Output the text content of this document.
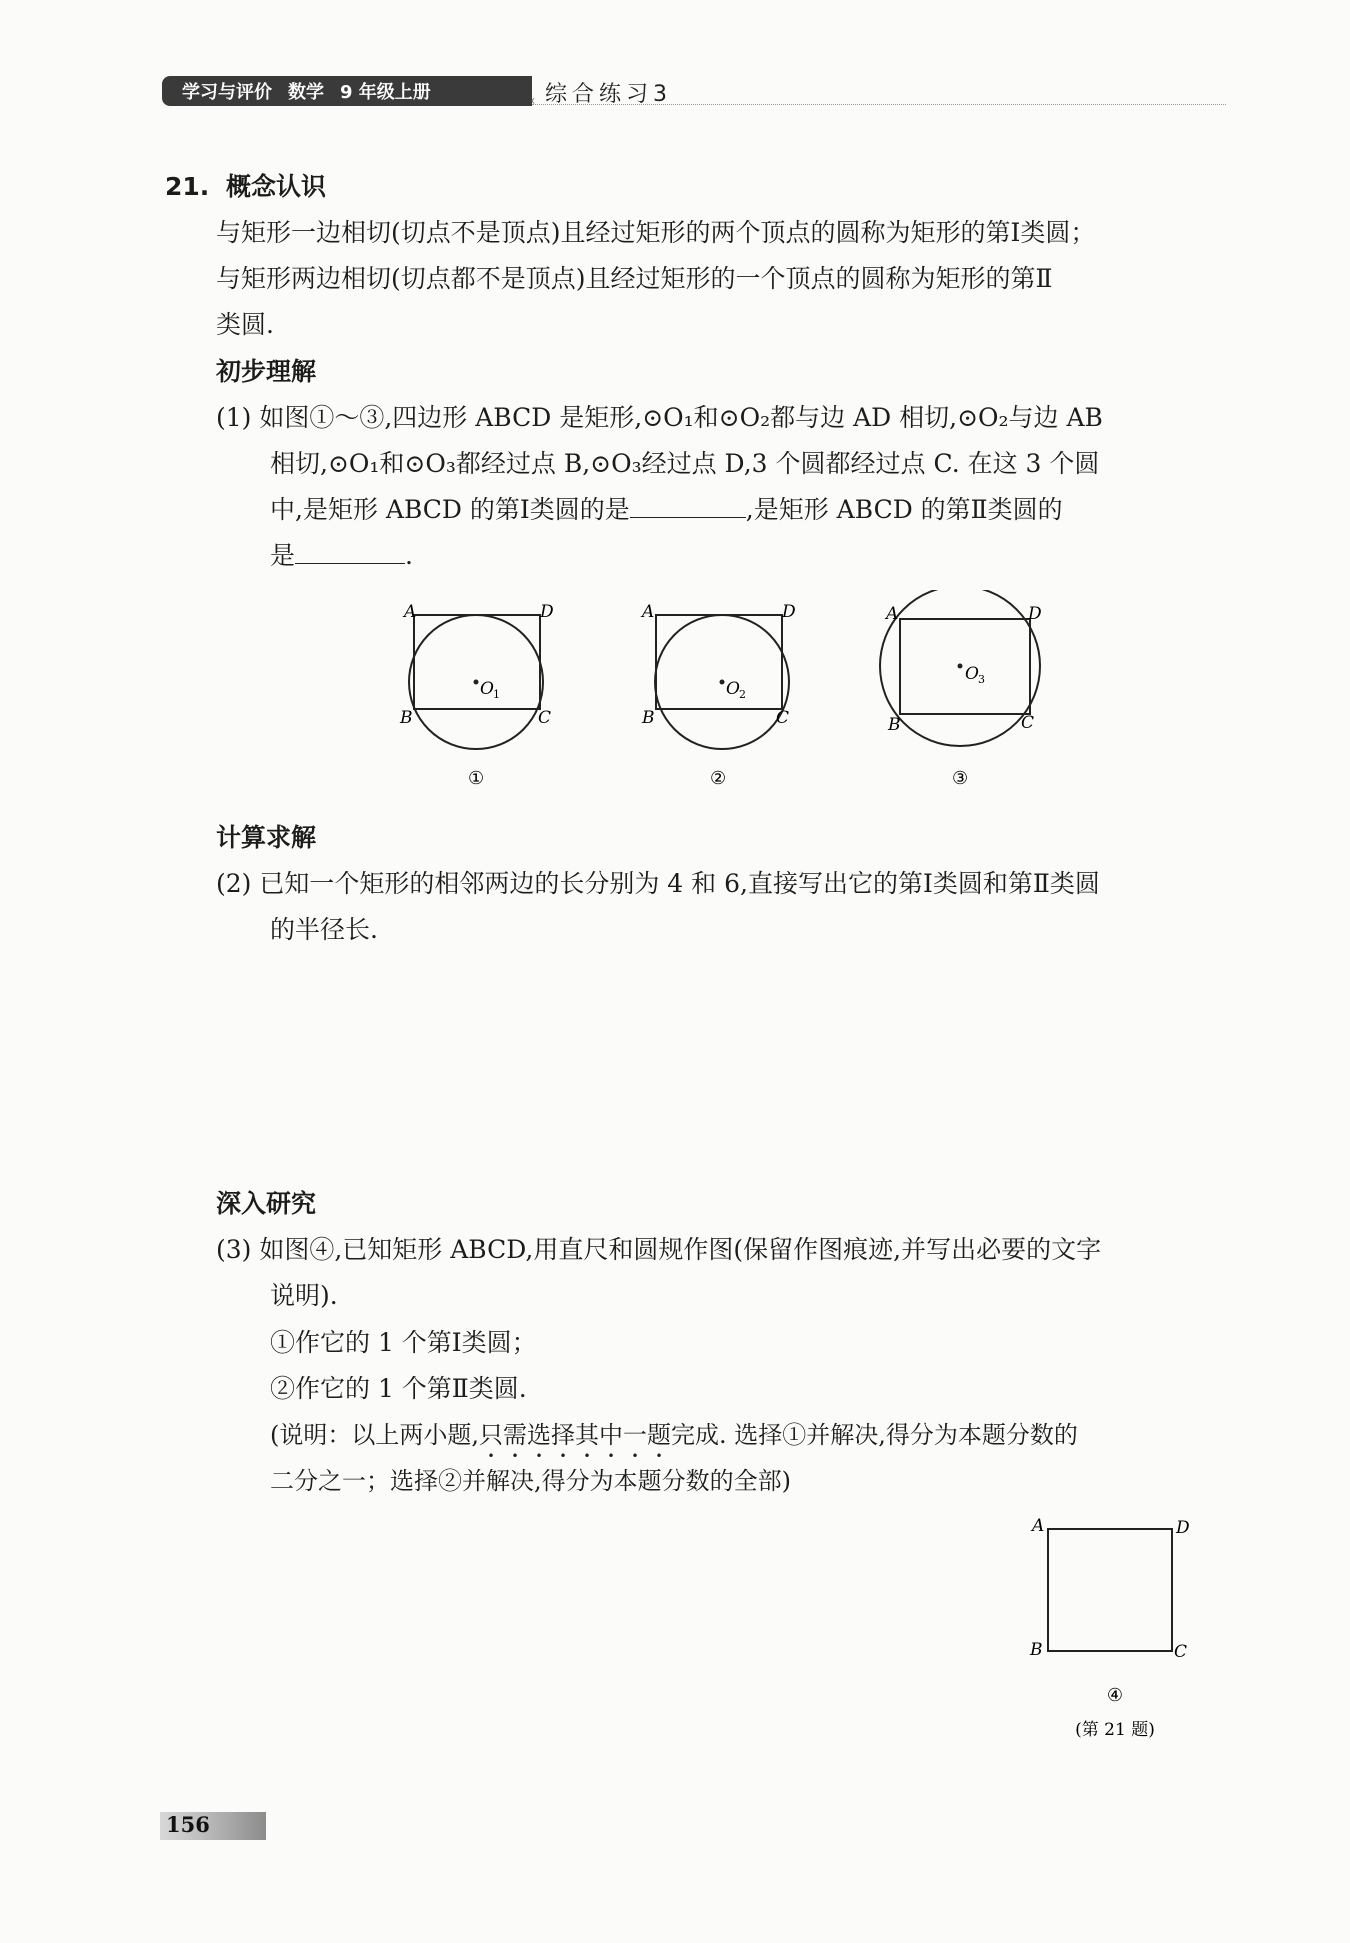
学习与评价 数学 9 年级上册	‹ 综合练习3
21. 概念认识
与矩形一边相切(切点不是顶点)且经过矩形的两个顶点的圆称为矩形的第Ⅰ类圆；
与矩形两边相切(切点都不是顶点)且经过矩形的一个顶点的圆称为矩形的第Ⅱ
类圆.
初步理解
(1) 如图①～③,四边形 ABCD 是矩形,⊙O₁和⊙O₂都与边 AD 相切,⊙O₂与边 AB
相切,⊙O₁和⊙O₃都经过点 B,⊙O₃经过点 D,3 个圆都经过点 C. 在这 3 个圆
中,是矩形 ABCD 的第Ⅰ类圆的是	,是矩形 ABCD 的第Ⅱ类圆的
是	.
A	D
B	C
O 1
①
A	D
B	C
O 2
②
A	D
B	C
O 3
③
计算求解
(2) 已知一个矩形的相邻两边的长分别为 4 和 6,直接写出它的第Ⅰ类圆和第Ⅱ类圆
的半径长.
深入研究
(3) 如图④,已知矩形 ABCD,用直尺和圆规作图(保留作图痕迹,并写出必要的文字
说明).
①作它的 1 个第Ⅰ类圆；
②作它的 1 个第Ⅱ类圆.
(说明：以上两小题,只需选择其中一题完成. 选择①并解决,得分为本题分数的
二分之一；选择②并解决,得分为本题分数的全部)
A	D
B	C
④
(第 21 题)
156
